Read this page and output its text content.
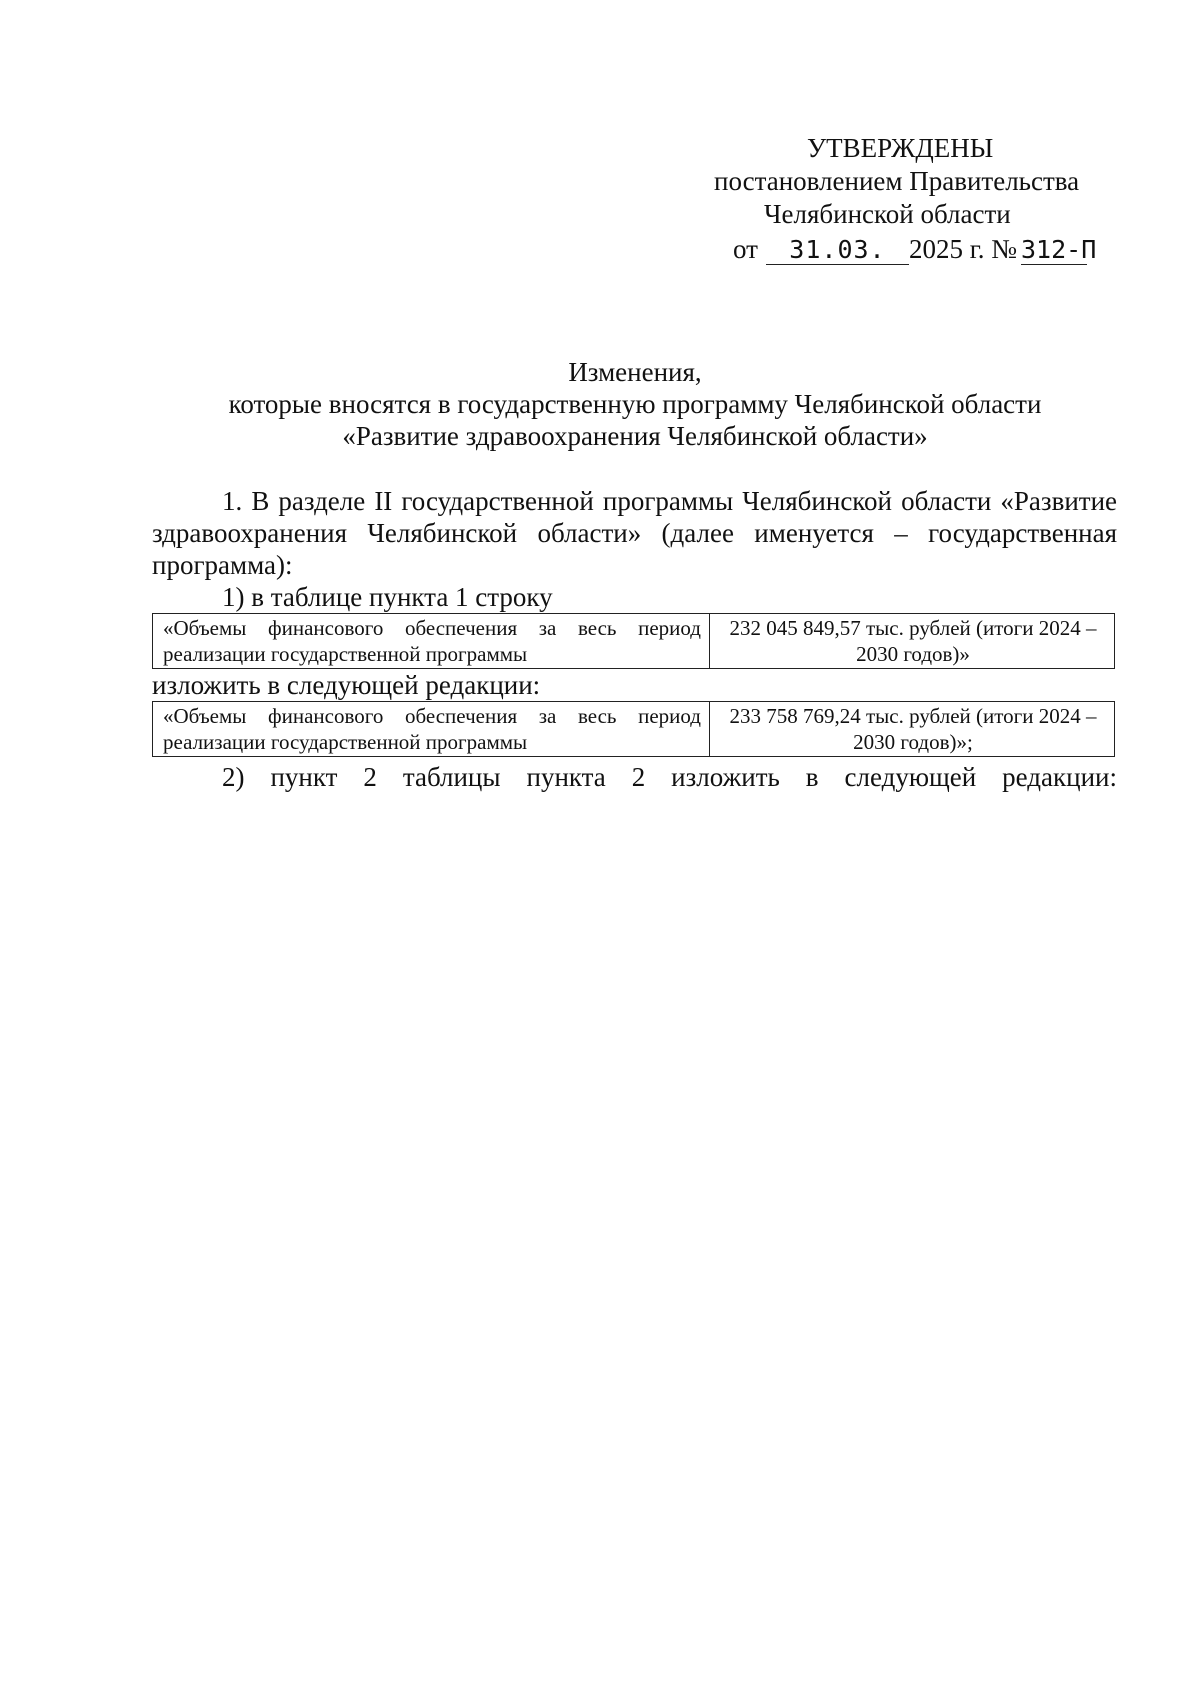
УТВЕРЖДЕНЫ
постановлением Правительства
Челябинской области
от 31.03. 2025 г. № 312-П
Изменения,
которые вносятся в государственную программу Челябинской области
«Развитие здравоохранения Челябинской области»

1. В разделе II государственной программы Челябинской области «Развитие здравоохранения Челябинской области» (далее именуется – государственная программа):

1) в таблице пункта 1 строку
«Объемы финансового обеспечения за весь период реализации государственной программы	232 045 849,57 тыс. рублей (итоги 2024 – 2030 годов)»
изложить в следующей редакции:
«Объемы финансового обеспечения за весь период реализации государственной программы	233 758 769,24 тыс. рублей (итоги 2024 – 2030 годов)»;

2) пункт 2 таблицы пункта 2 изложить в следующей редакции:
